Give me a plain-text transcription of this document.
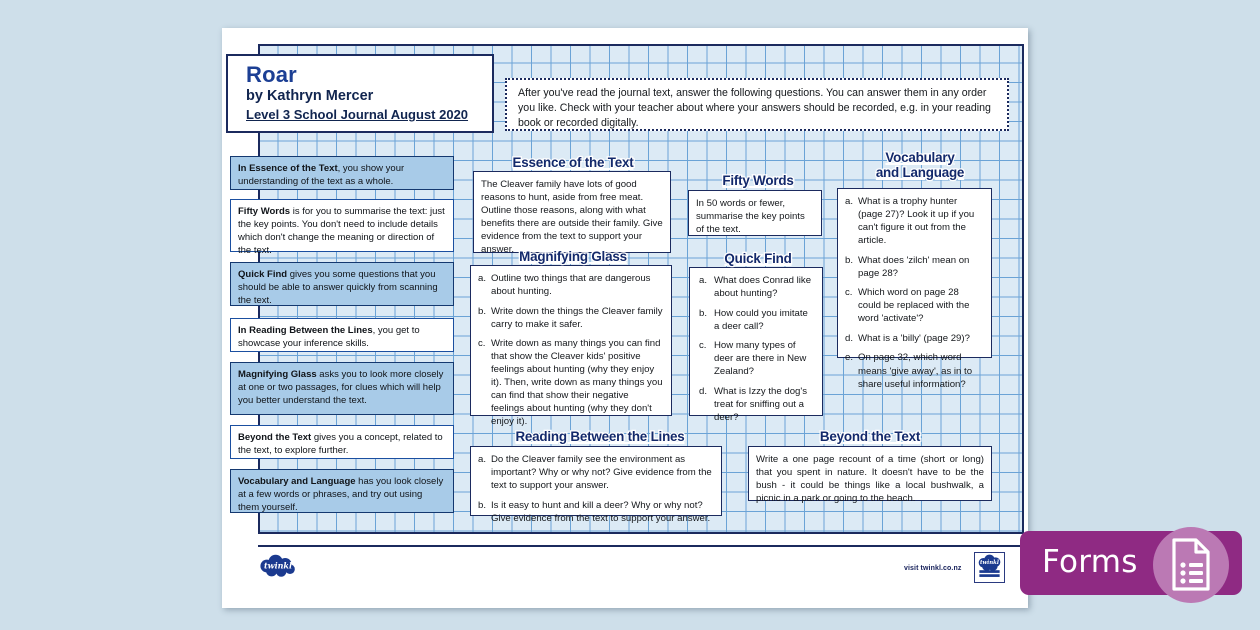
Roar
by Kathryn Mercer
Level 3 School Journal August 2020
After you've read the journal text, answer the following questions. You can answer them in any order you like. Check with your teacher about where your answers should be recorded, e.g. in your reading book or recorded digitally.
In Essence of the Text, you show your understanding of the text as a whole.
Fifty Words is for you to summarise the text: just the key points. You don't need to include details which don't change the meaning or direction of the text.
Quick Find gives you some questions that you should be able to answer quickly from scanning the text.
In Reading Between the Lines, you get to showcase your inference skills.
Magnifying Glass asks you to look more closely at one or two passages, for clues which will help you better understand the text.
Beyond the Text gives you a concept, related to the text, to explore further.
Vocabulary and Language has you look closely at a few words or phrases, and try out using them yourself.
Essence of the Text

The Cleaver family have lots of good reasons to hunt, aside from free meat. Outline those reasons, along with what benefits there are outside their family. Give evidence from the text to support your answer. Magnifying Glass
a. Outline two things that are dangerous about hunting.
b. Write down the things the Cleaver family carry to make it safer.
c. Write down as many things you can find that show the Cleaver kids' positive feelings about hunting (why they enjoy it). Then, write down as many things you can find that show their negative feelings about hunting (why they don't enjoy it).
Fifty Words

In 50 words or fewer, summarise the key points of the text.

Quick Find
a. What does Conrad like about hunting?
b. How could you imitate a deer call?
c. How many types of deer are there in New Zealand?
d. What is Izzy the dog's treat for sniffing out a deer?
Vocabulary
and Language
a. What is a trophy hunter (page 27)? Look it up if you can't figure it out from the article.
b. What does 'zilch' mean on page 28?
c. Which word on page 28 could be replaced with the word 'activate'?
d. What is a 'billy' (page 29)?
e. On page 32, which word means 'give away', as in to share useful information?
Reading Between the Lines
a. Do the Cleaver family see the environment as important? Why or why not? Give evidence from the text to support your answer.
b. Is it easy to hunt and kill a deer? Why or why not? Give evidence from the text to support your answer.
Beyond the Text

Write a one page recount of a time (short or long) that you spent in nature. It doesn't have to be the bush - it could be things like a local bushwalk, a picnic in a park or going to the beach.

twinkl	visit twinkl.co.nz
twinkl Forms
